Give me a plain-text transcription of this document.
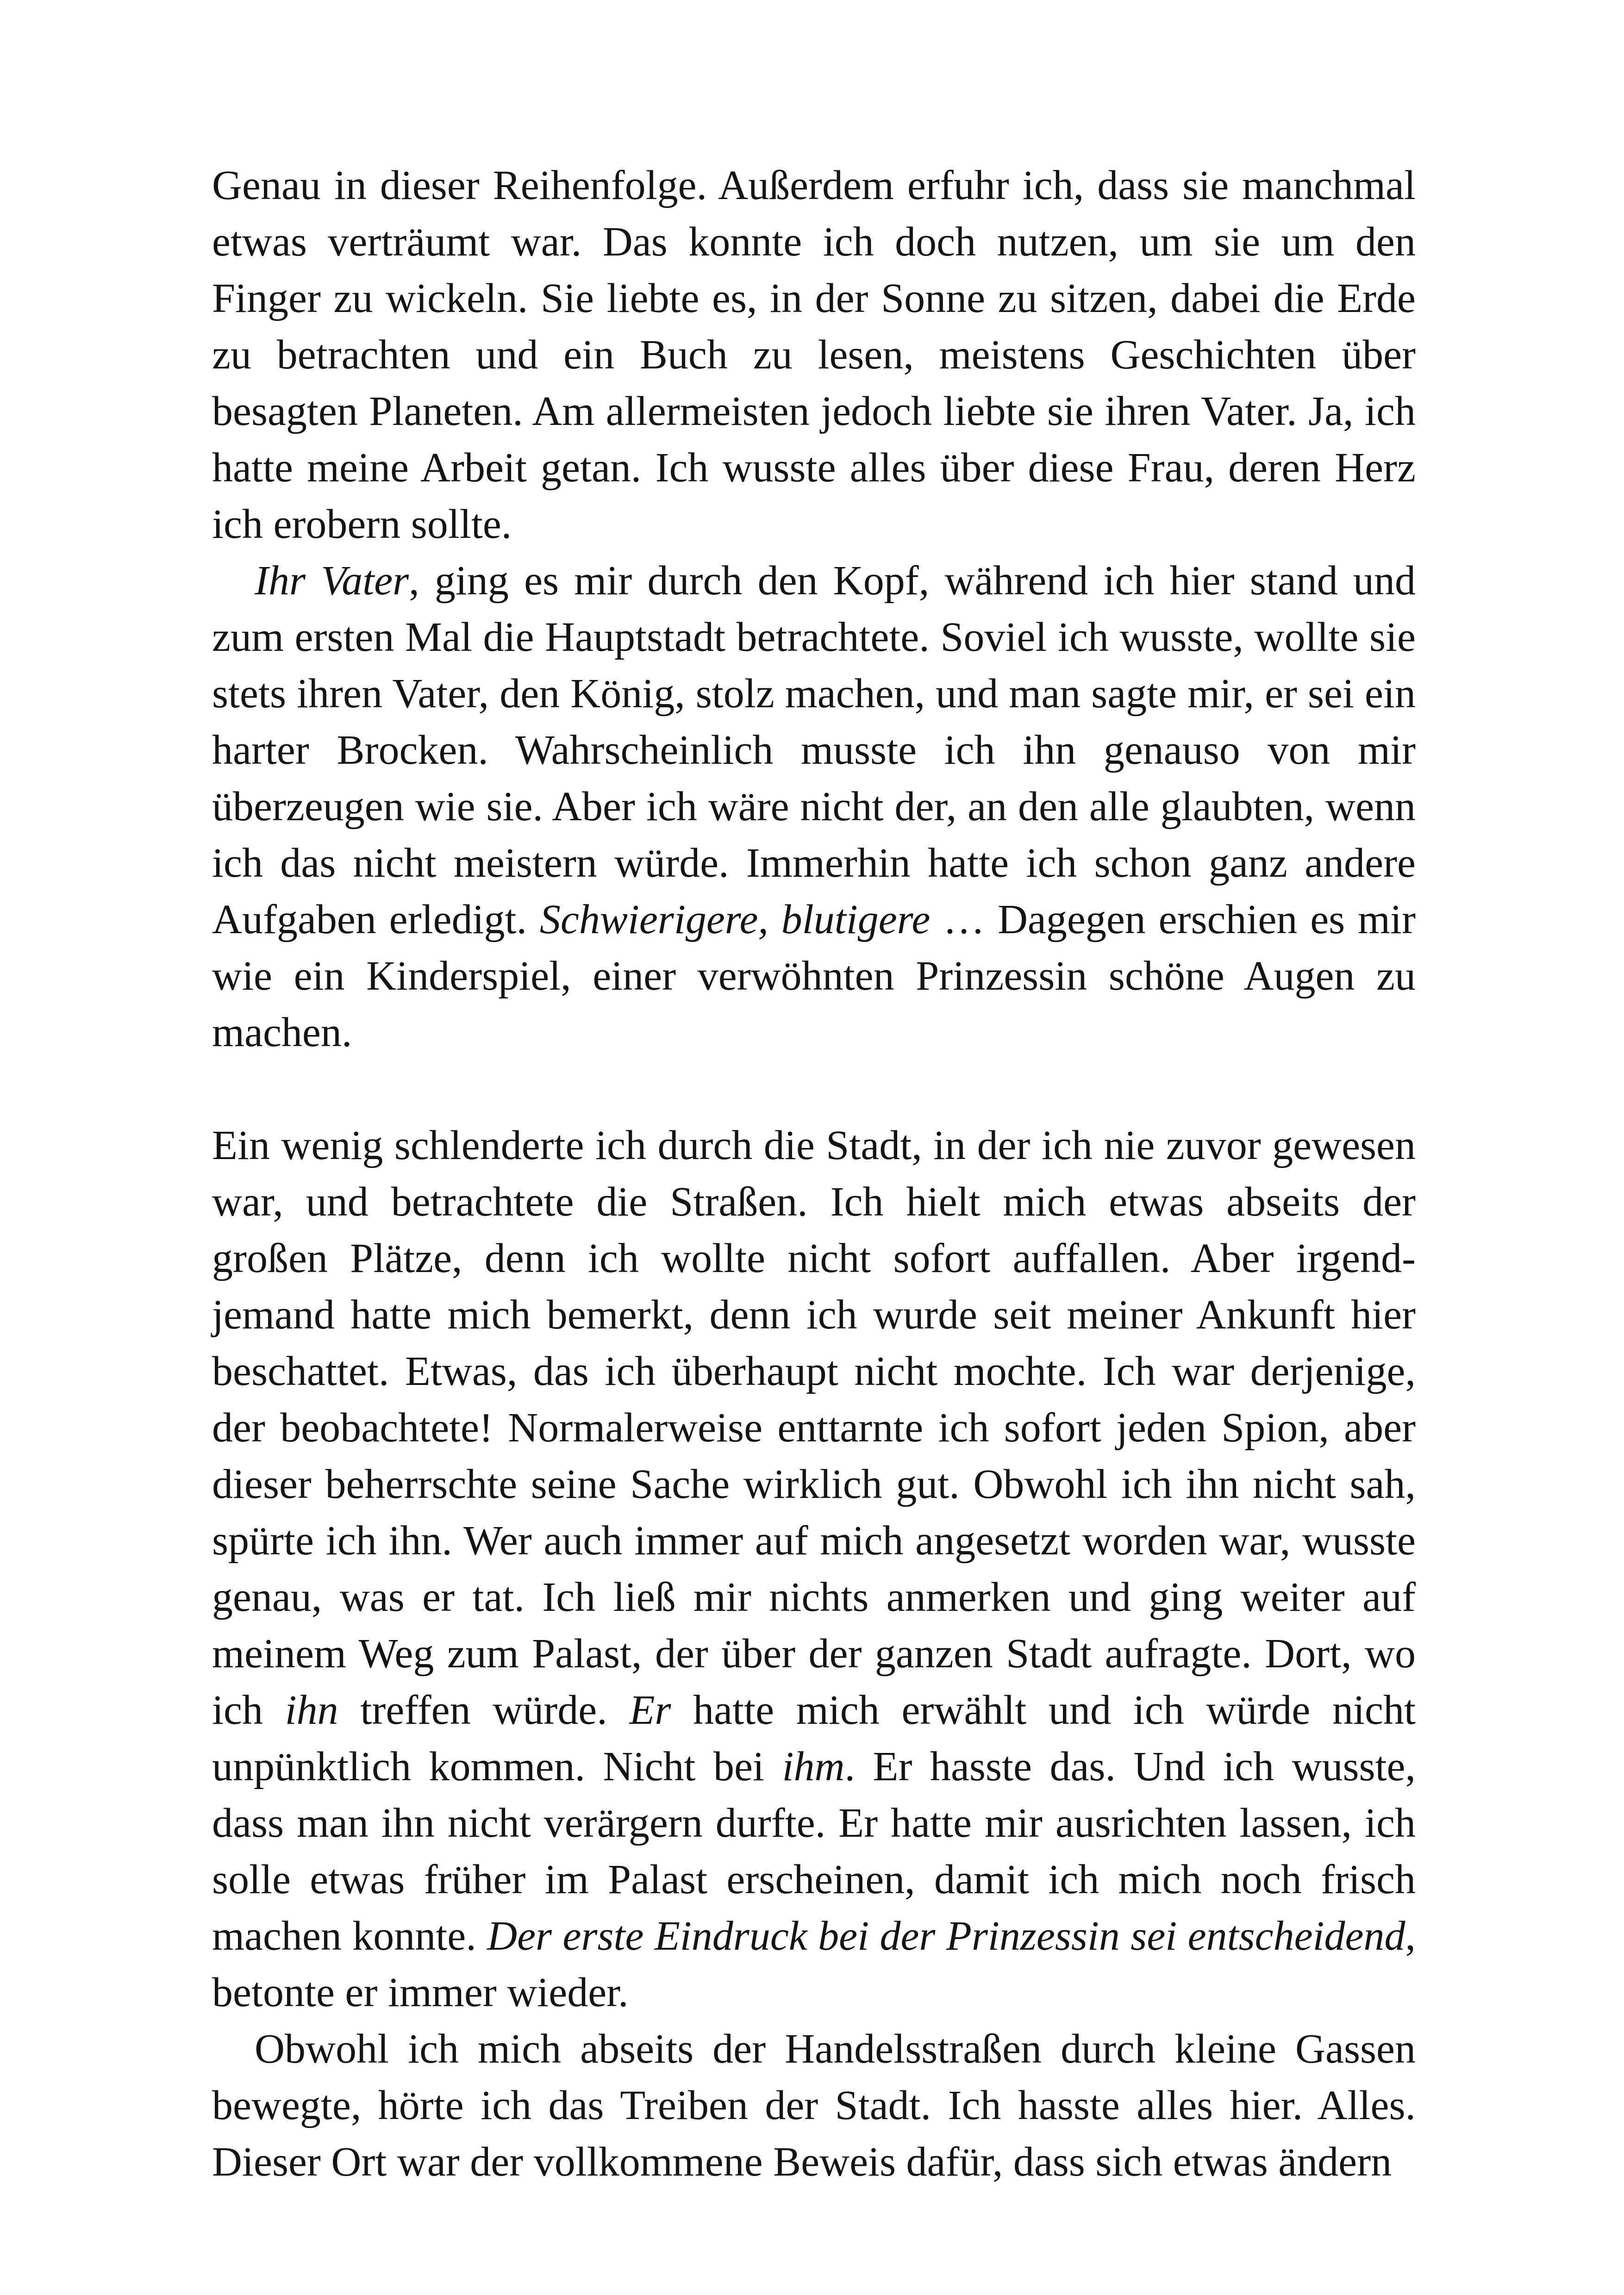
Genau in dieser Reihenfolge. Außerdem erfuhr ich, dass sie manchmal etwas verträumt war. Das konnte ich doch nutzen, um sie um den Finger zu wickeln. Sie liebte es, in der Sonne zu sitzen, dabei die Erde zu betrachten und ein Buch zu lesen, meistens Geschichten über besagten Planeten. Am allermeisten jedoch liebte sie ihren Vater. Ja, ich hatte meine Arbeit getan. Ich wusste alles über diese Frau, deren Herz ich erobern sollte.

Ihr Vater, ging es mir durch den Kopf, während ich hier stand und zum ersten Mal die Hauptstadt betrachtete. Soviel ich wusste, wollte sie stets ihren Vater, den König, stolz machen, und man sagte mir, er sei ein harter Brocken. Wahrscheinlich musste ich ihn genauso von mir überzeugen wie sie. Aber ich wäre nicht der, an den alle glaubten, wenn ich das nicht meistern würde. Immerhin hatte ich schon ganz andere Aufgaben erledigt. Schwierigere, blutigere … Dagegen erschien es mir wie ein Kinderspiel, einer verwöhnten Prinzessin schöne Augen zu machen.

Ein wenig schlenderte ich durch die Stadt, in der ich nie zuvor gewesen war, und betrachtete die Straßen. Ich hielt mich etwas abseits der großen Plätze, denn ich wollte nicht sofort auffallen. Aber irgendjemand hatte mich bemerkt, denn ich wurde seit meiner Ankunft hier beschattet. Etwas, das ich überhaupt nicht mochte. Ich war derjenige, der beobachtete! Normalerweise enttarnte ich sofort jeden Spion, aber dieser beherrschte seine Sache wirklich gut. Obwohl ich ihn nicht sah, spürte ich ihn. Wer auch immer auf mich angesetzt worden war, wusste genau, was er tat. Ich ließ mir nichts anmerken und ging weiter auf meinem Weg zum Palast, der über der ganzen Stadt aufragte. Dort, wo ich ihn treffen würde. Er hatte mich erwählt und ich würde nicht unpünktlich kommen. Nicht bei ihm. Er hasste das. Und ich wusste, dass man ihn nicht verärgern durfte. Er hatte mir ausrichten lassen, ich solle etwas früher im Palast erscheinen, damit ich mich noch frisch machen konnte. Der erste Eindruck bei der Prinzessin sei entscheidend, betonte er immer wieder.

Obwohl ich mich abseits der Handelsstraßen durch kleine Gassen bewegte, hörte ich das Treiben der Stadt. Ich hasste alles hier. Alles. Dieser Ort war der vollkommene Beweis dafür, dass sich etwas ändern
